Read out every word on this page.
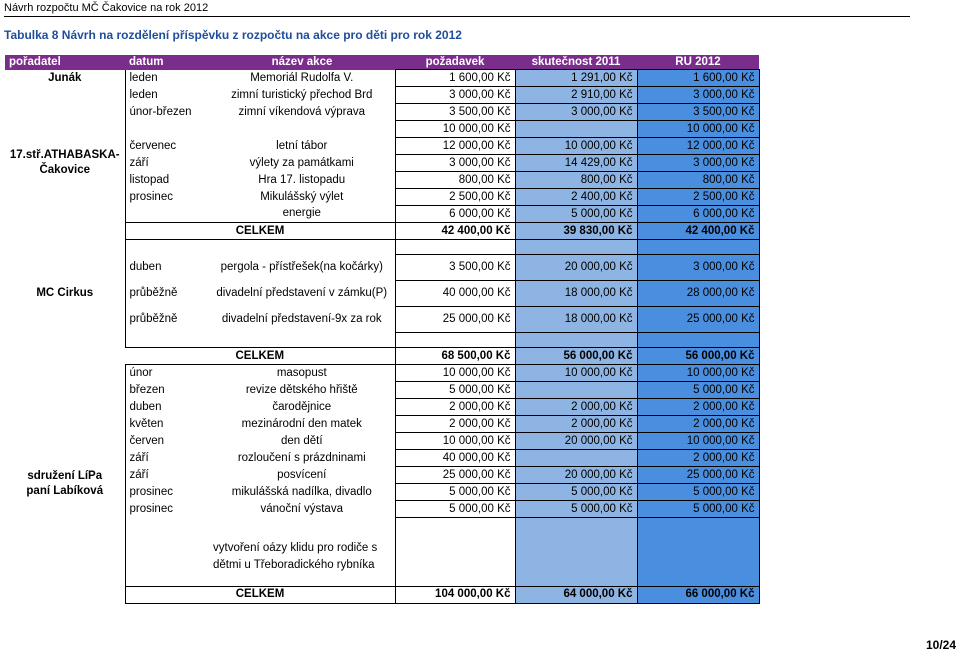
Návrh rozpočtu MČ Čakovice na rok 2012
Tabulka 8 Návrh na rozdělení příspěvku z rozpočtu na akce pro děti pro rok 2012
pořadatel	datum	název akce	požadavek	skutečnost 2011	RU 2012
Junák	leden	Memoriál Rudolfa V.	1 600,00 Kč	1 291,00 Kč	1 600,00 Kč

17.stř.ATHABASKA-
Čakovice	leden	zimní turistický přechod Brd	3 000,00 Kč	2 910,00 Kč	3 000,00 Kč
	únor-březen	zimní víkendová výprava	3 500,00 Kč	3 000,00 Kč	3 500,00 Kč
			10 000,00 Kč		10 000,00 Kč
	červenec	letní tábor	12 000,00 Kč	10 000,00 Kč	12 000,00 Kč
	září	výlety za památkami	3 000,00 Kč	14 429,00 Kč	3 000,00 Kč
	listopad	Hra 17. listopadu	800,00 Kč	800,00 Kč	800,00 Kč
	prosinec	Mikulášský výlet	2 500,00 Kč	2 400,00 Kč	2 500,00 Kč
		energie	6 000,00 Kč	5 000,00 Kč	6 000,00 Kč
	CELKEM		42 400,00 Kč	39 830,00 Kč	42 400,00 Kč

MC Cirkus					

	duben	pergola - přístřešek(na kočárky)	3 500,00 Kč	20 000,00 Kč	3 000,00 Kč
	průběžně	divadelní představení v zámku(P)	40 000,00 Kč	18 000,00 Kč	28 000,00 Kč
	průběžně	divadelní představení-9x za rok	25 000,00 Kč	18 000,00 Kč	25 000,00 Kč

	CELKEM		68 500,00 Kč	56 000,00 Kč	56 000,00 Kč

sdružení LíPa
paní Labíková	únor	masopust	10 000,00 Kč	10 000,00 Kč	10 000,00 Kč
	březen	revize dětského hřiště	5 000,00 Kč		5 000,00 Kč
	duben	čarodějnice	2 000,00 Kč	2 000,00 Kč	2 000,00 Kč
	květen	mezinárodní den matek	2 000,00 Kč	2 000,00 Kč	2 000,00 Kč
	červen	den dětí	10 000,00 Kč	20 000,00 Kč	10 000,00 Kč
	září	rozloučení s prázdninami	40 000,00 Kč		2 000,00 Kč
	září	posvícení	25 000,00 Kč	20 000,00 Kč	25 000,00 Kč
	prosinec	mikulášská nadílka, divadlo	5 000,00 Kč	5 000,00 Kč	5 000,00 Kč
	prosinec	vánoční výstava	5 000,00 Kč	5 000,00 Kč	5 000,00 Kč
		vytvoření oázy klidu pro rodiče s dětmi u Třeboradického rybníka			
	CELKEM		104 000,00 Kč	64 000,00 Kč	66 000,00 Kč
10/24
